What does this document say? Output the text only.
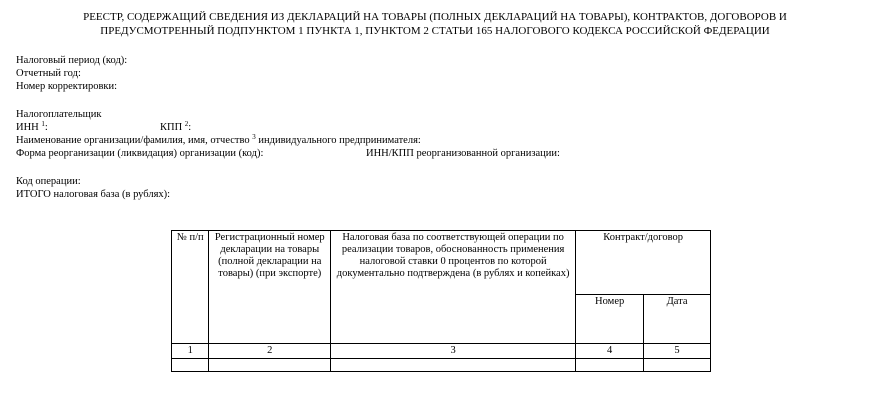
РЕЕСТР, СОДЕРЖАЩИЙ СВЕДЕНИЯ ИЗ ДЕКЛАРАЦИЙ НА ТОВАРЫ (ПОЛНЫХ ДЕКЛАРАЦИЙ НА ТОВАРЫ), КОНТРАКТОВ, ДОГОВОРОВ И
ПРЕДУСМОТРЕННЫЙ ПОДПУНКТОМ 1 ПУНКТА 1, ПУНКТОМ 2 СТАТЬИ 165 НАЛОГОВОГО КОДЕКСА РОССИЙСКОЙ ФЕДЕРАЦИИ
Налоговый период (код):
Отчетный год:
Номер корректировки:
Налогоплательщик
ИНН $^1$:	КПП $^2$:
Наименование организации/фамилия, имя, отчество $^3$ индивидуального предпринимателя:
Форма реорганизации (ликвидация) организации (код):	ИНН/КПП реорганизованной организации:
Код операции:
ИТОГО налоговая база (в рублях):
№ п/п	Регистрационный номер декларации на товары (полной декларации на товары) (при экспорте)	Налоговая база по соответствующей операции по реализации товаров, обоснованность применения налоговой ставки 0 процентов по которой документально подтверждена (в рублях и копейках)	Контракт/договор	
			Номер	Дата
1	2	3	4	5
